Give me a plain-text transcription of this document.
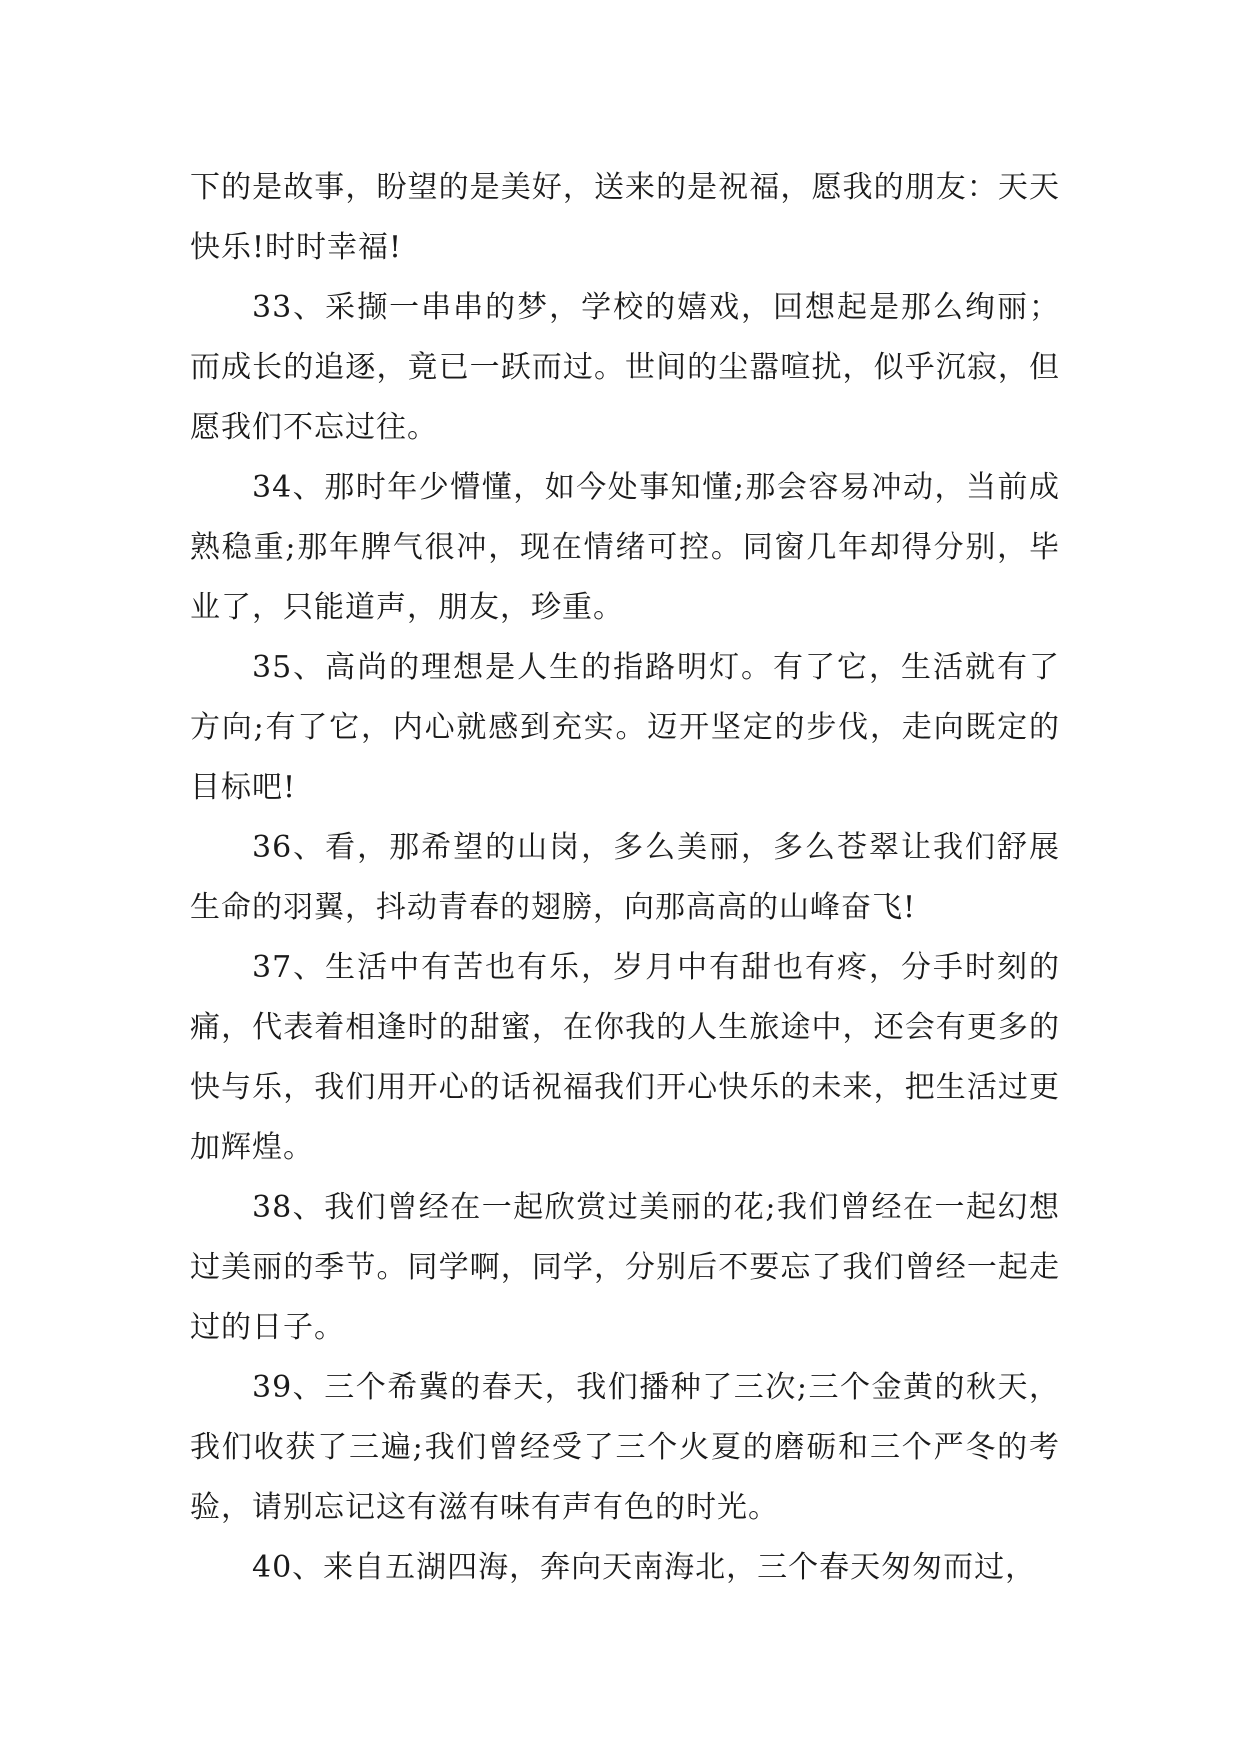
下的是故事，盼望的是美好，送来的是祝福，愿我的朋友：天天快乐!时时幸福!

33、采撷一串串的梦，学校的嬉戏，回想起是那么绚丽；而成长的追逐，竟已一跃而过。世间的尘嚣喧扰，似乎沉寂，但愿我们不忘过往。

34、那时年少懵懂，如今处事知懂;那会容易冲动，当前成熟稳重;那年脾气很冲，现在情绪可控。同窗几年却得分别，毕业了，只能道声，朋友，珍重。

35、高尚的理想是人生的指路明灯。有了它，生活就有了方向;有了它，内心就感到充实。迈开坚定的步伐，走向既定的目标吧!

36、看，那希望的山岗，多么美丽，多么苍翠让我们舒展生命的羽翼，抖动青春的翅膀，向那高高的山峰奋飞!

37、生活中有苦也有乐，岁月中有甜也有疼，分手时刻的痛，代表着相逢时的甜蜜，在你我的人生旅途中，还会有更多的快与乐，我们用开心的话祝福我们开心快乐的未来，把生活过更加辉煌。

38、我们曾经在一起欣赏过美丽的花;我们曾经在一起幻想过美丽的季节。同学啊，同学，分别后不要忘了我们曾经一起走过的日子。

39、三个希冀的春天，我们播种了三次;三个金黄的秋天，我们收获了三遍;我们曾经受了三个火夏的磨砺和三个严冬的考验，请别忘记这有滋有味有声有色的时光。

40、来自五湖四海，奔向天南海北，三个春天匆匆而过，
